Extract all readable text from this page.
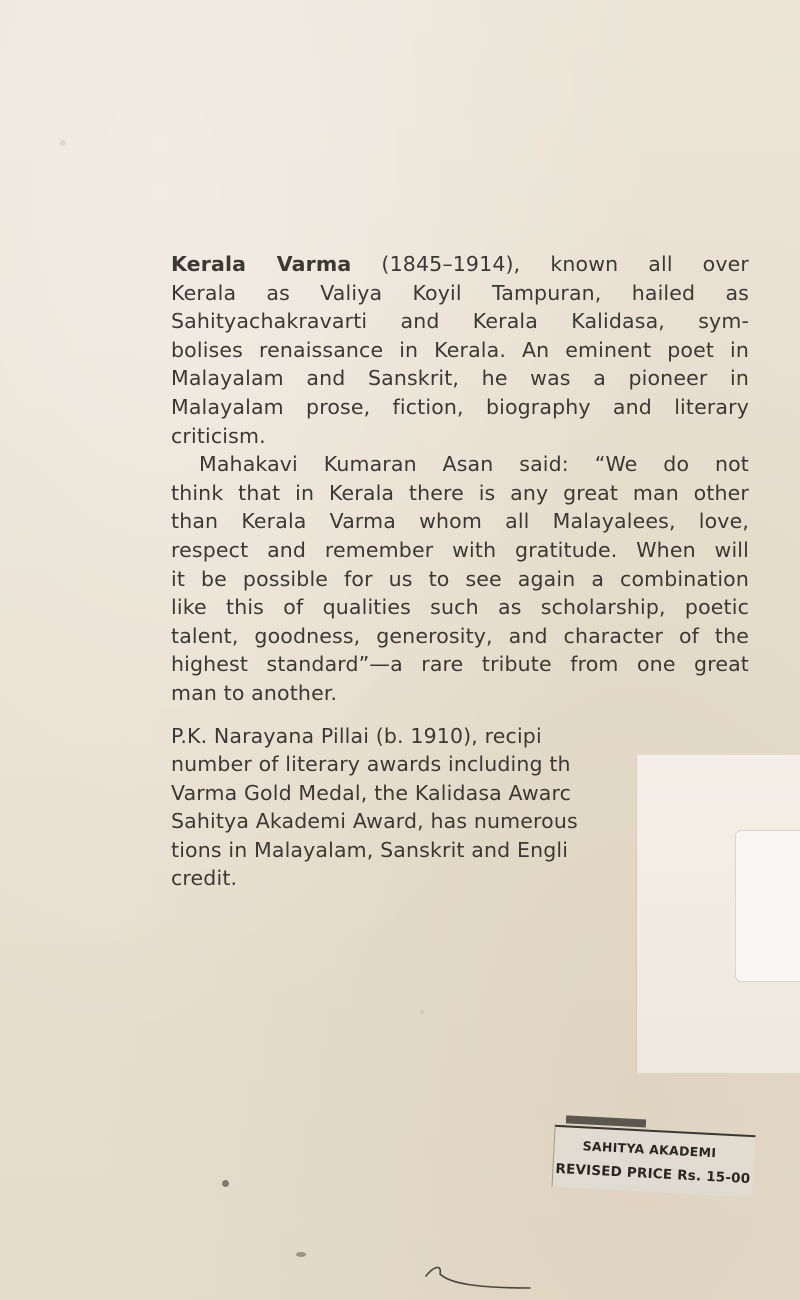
Kerala Varma (1845–1914), known all over
Kerala as Valiya Koyil Tampuran, hailed as
Sahityachakravarti and Kerala Kalidasa, sym-
bolises renaissance in Kerala. An eminent poet in
Malayalam and Sanskrit, he was a pioneer in
Malayalam prose, fiction, biography and literary
criticism.
Mahakavi Kumaran Asan said: “We do not
think that in Kerala there is any great man other
than Kerala Varma whom all Malayalees, love,
respect and remember with gratitude. When will
it be possible for us to see again a combination
like this of qualities such as scholarship, poetic
talent, goodness, generosity, and character of the
highest standard”—a rare tribute from one great
man to another.
P.K. Narayana Pillai (b. 1910), recipi
number of literary awards including th
Varma Gold Medal, the Kalidasa Awarc
Sahitya Akademi Award, has numerous
tions in Malayalam, Sanskrit and Engli
credit.
SAHITYA AKADEMI
REVISED PRICE Rs. 15-00
